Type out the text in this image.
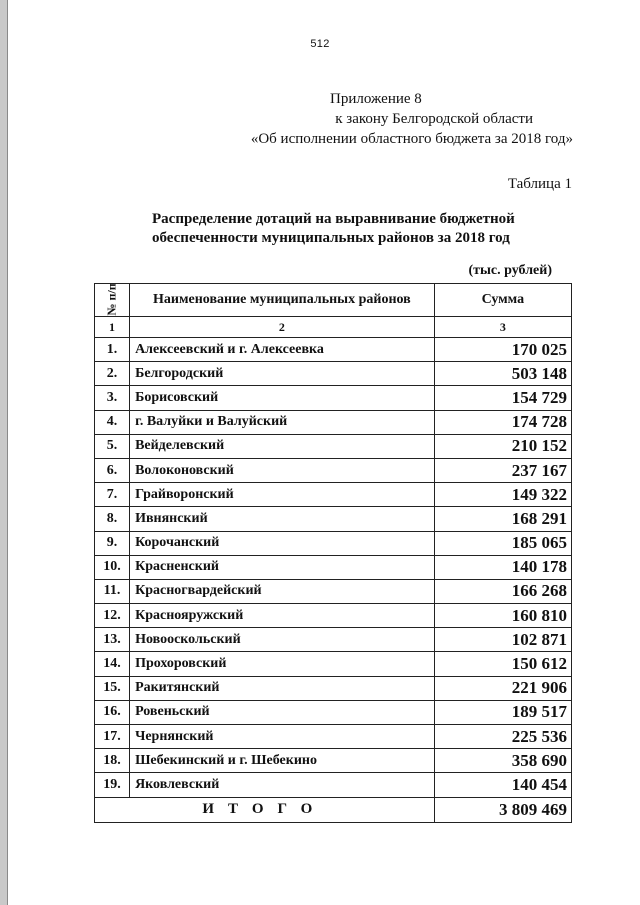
512
Приложение 8
к закону Белгородской области
«Об исполнении областного бюджета за 2018 год»
Таблица 1
Распределение дотаций на выравнивание бюджетной
обеспеченности муниципальных районов за 2018 год
(тыс. рублей)
№ п/п	Наименование муниципальных районов	Сумма
1	2	3
1.	Алексеевский и г. Алексеевка	170 025
2.	Белгородский	503 148
3.	Борисовский	154 729
4.	г. Валуйки и Валуйский	174 728
5.	Вейделевский	210 152
6.	Волоконовский	237 167
7.	Грайворонский	149 322
8.	Ивнянский	168 291
9.	Корочанский	185 065
10.	Красненский	140 178
11.	Красногвардейский	166 268
12.	Краснояружский	160 810
13.	Новооскольский	102 871
14.	Прохоровский	150 612
15.	Ракитянский	221 906
16.	Ровеньский	189 517
17.	Чернянский	225 536
18.	Шебекинский и г. Шебекино	358 690
19.	Яковлевский	140 454
ИТОГО		3 809 469
